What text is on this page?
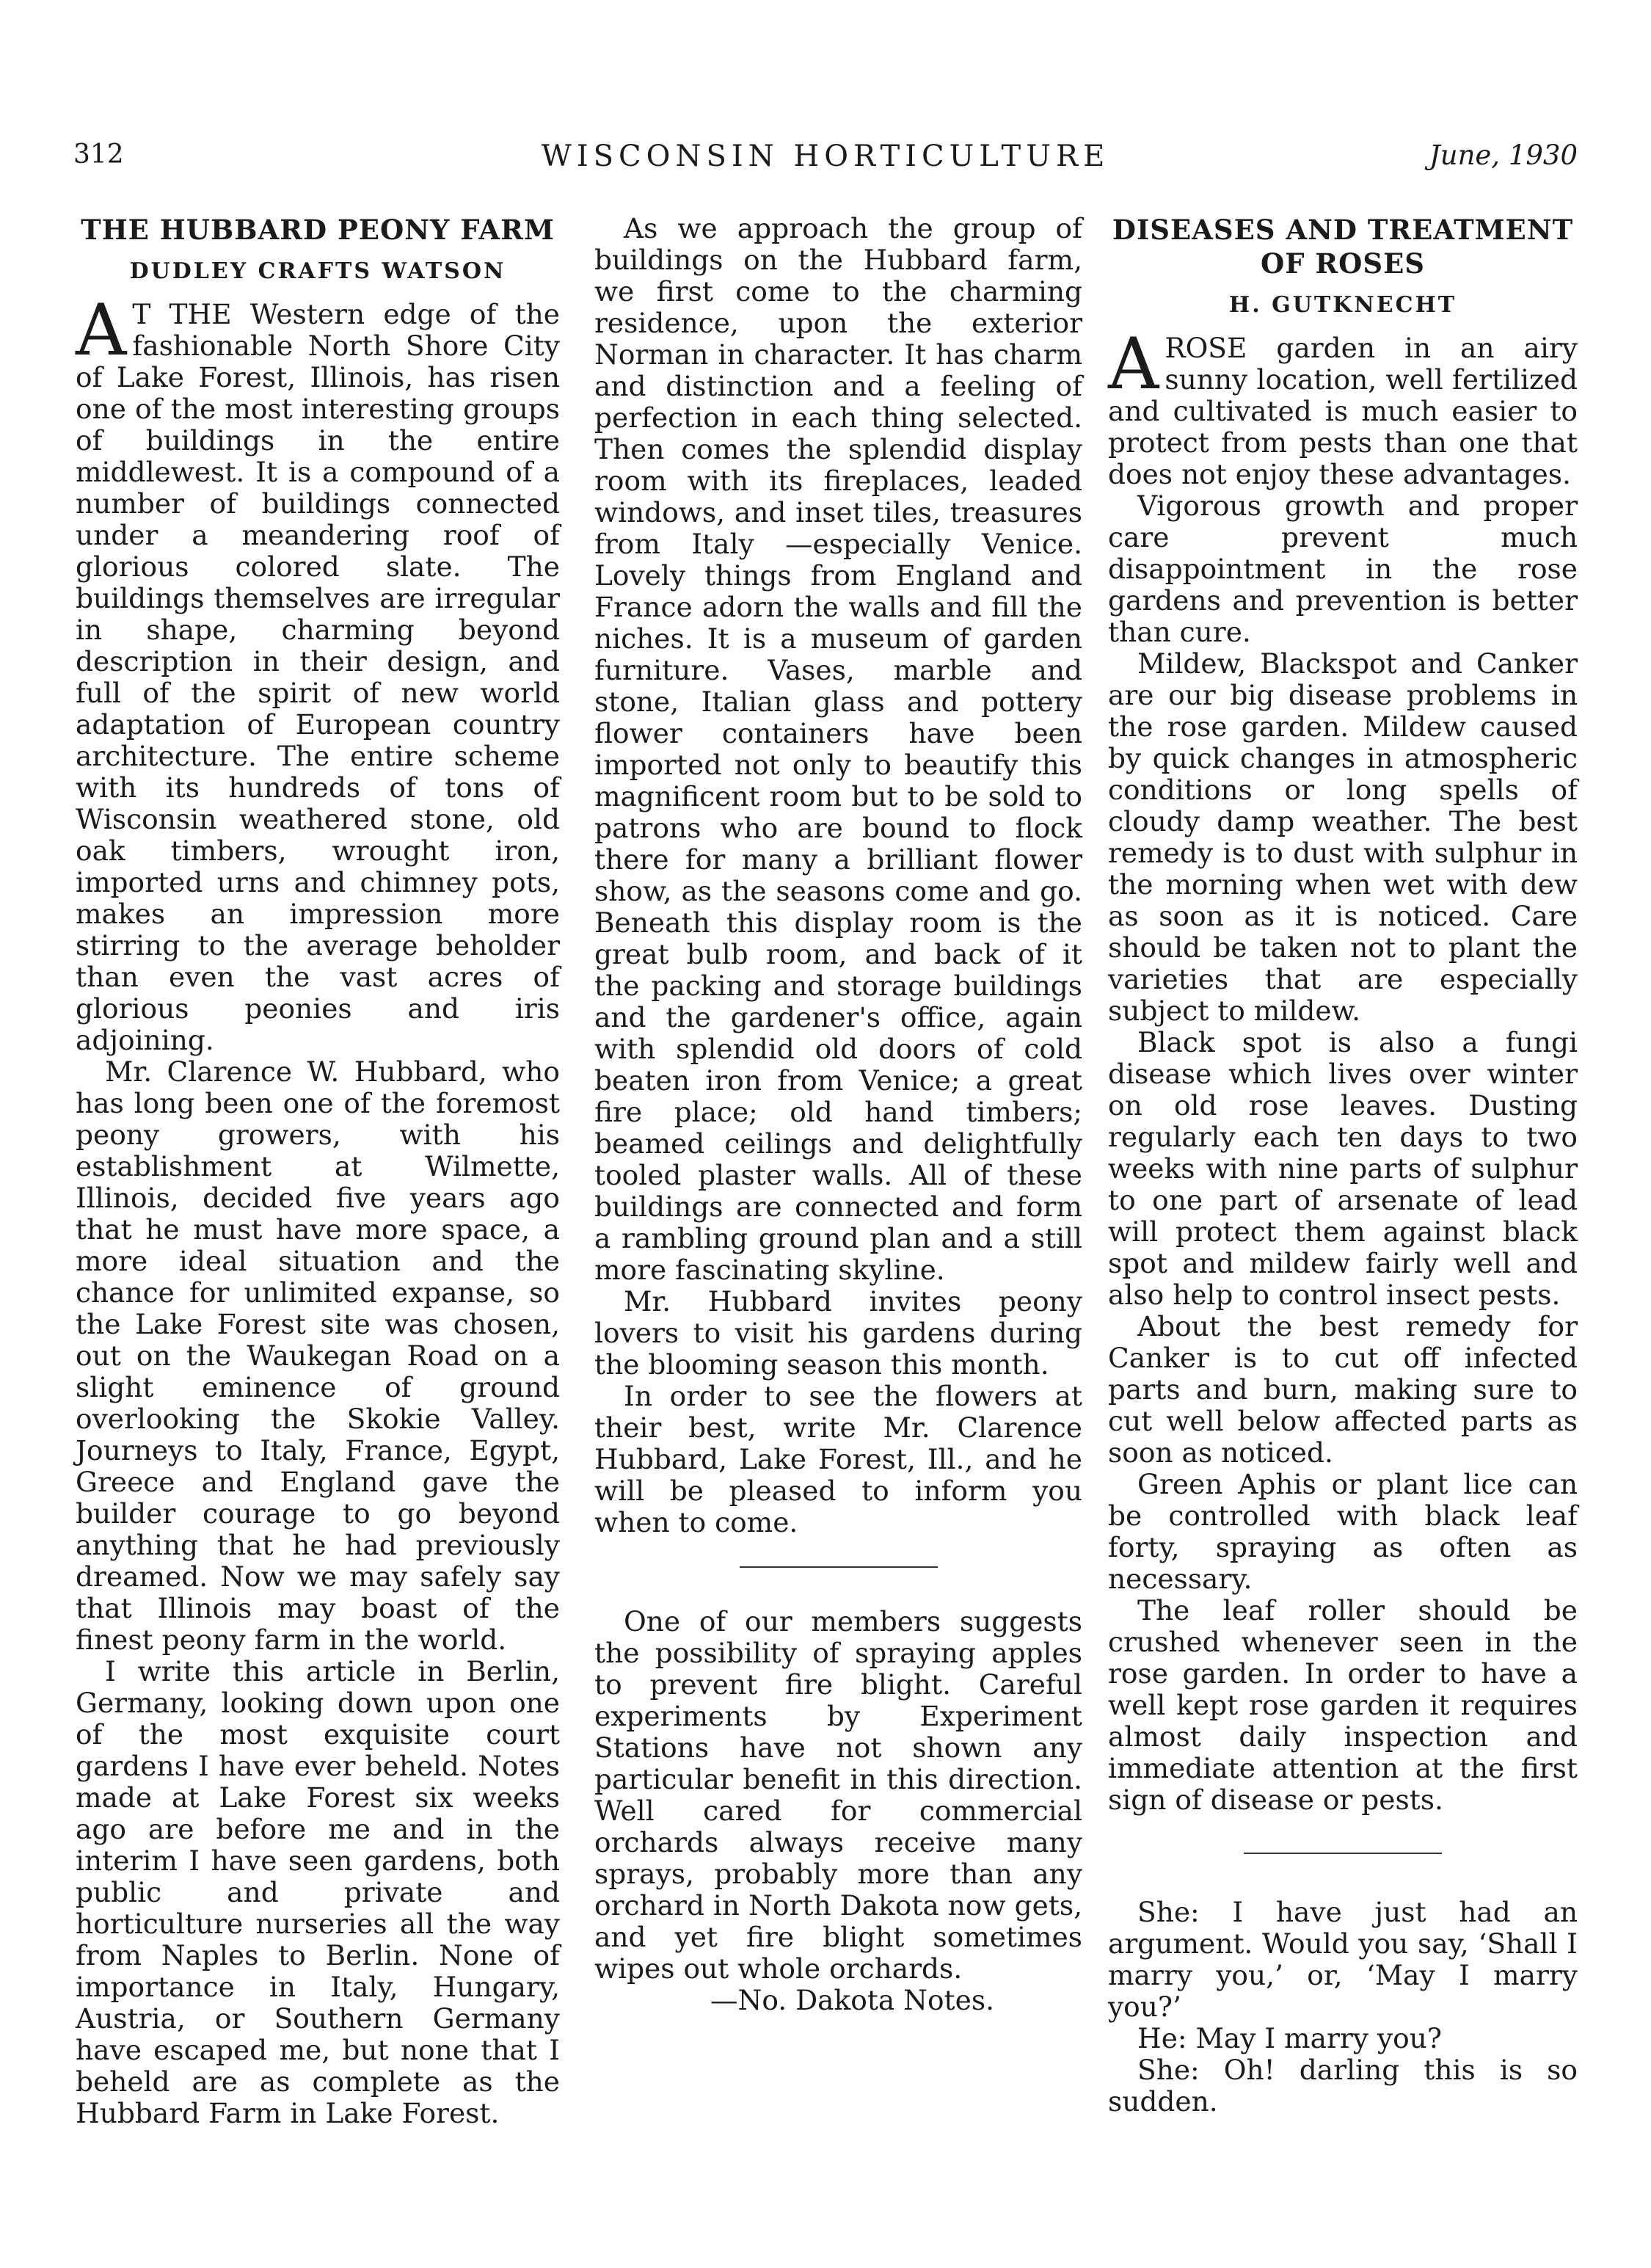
312	WISCONSIN HORTICULTURE	June, 1930
THE HUBBARD PEONY FARM
DUDLEY CRAFTS WATSON

A T THE Western edge of the fashionable North Shore City of Lake Forest, Illinois, has risen one of the most interesting groups of buildings in the entire middlewest. It is a compound of a number of buildings connected under a meandering roof of glorious colored slate. The buildings themselves are irregular in shape, charming beyond description in their design, and full of the spirit of new world adaptation of European country architecture. The entire scheme with its hundreds of tons of Wisconsin weathered stone, old oak timbers, wrought iron, imported urns and chimney pots, makes an impression more stirring to the average beholder than even the vast acres of glorious peonies and iris adjoining.

Mr. Clarence W. Hubbard, who has long been one of the foremost peony growers, with his establishment at Wilmette, Illinois, decided five years ago that he must have more space, a more ideal situation and the chance for unlimited expanse, so the Lake Forest site was chosen, out on the Waukegan Road on a slight eminence of ground overlooking the Skokie Valley. Journeys to Italy, France, Egypt, Greece and England gave the builder courage to go beyond anything that he had previously dreamed. Now we may safely say that Illinois may boast of the finest peony farm in the world.

I write this article in Berlin, Germany, looking down upon one of the most exquisite court gardens I have ever beheld. Notes made at Lake Forest six weeks ago are before me and in the interim I have seen gardens, both public and private and horticulture nurseries all the way from Naples to Berlin. None of importance in Italy, Hungary, Austria, or Southern Germany have escaped me, but none that I beheld are as complete as the Hubbard Farm in Lake Forest.

As we approach the group of buildings on the Hubbard farm, we first come to the charming residence, upon the exterior Norman in character. It has charm and distinction and a feeling of perfection in each thing selected. Then comes the splendid display room with its fireplaces, leaded windows, and inset tiles, treasures from Italy —especially Venice. Lovely things from England and France adorn the walls and fill the niches. It is a museum of garden furniture. Vases, marble and stone, Italian glass and pottery flower containers have been imported not only to beautify this magnificent room but to be sold to patrons who are bound to flock there for many a brilliant flower show, as the seasons come and go. Beneath this display room is the great bulb room, and back of it the packing and storage buildings and the gardener's office, again with splendid old doors of cold beaten iron from Venice; a great fire place; old hand timbers; beamed ceilings and delightfully tooled plaster walls. All of these buildings are connected and form a rambling ground plan and a still more fascinating skyline.

Mr. Hubbard invites peony lovers to visit his gardens during the blooming season this month.

In order to see the flowers at their best, write Mr. Clarence Hubbard, Lake Forest, Ill., and he will be pleased to inform you when to come.

One of our members suggests the possibility of spraying apples to prevent fire blight. Careful experiments by Experiment Stations have not shown any particular benefit in this direction. Well cared for commercial orchards always receive many sprays, probably more than any orchard in North Dakota now gets, and yet fire blight sometimes wipes out whole orchards.

—No. Dakota Notes.

DISEASES AND TREATMENT OF ROSES
H. GUTKNECHT

AROSE garden in an airy sunny location, well fertilized and cultivated is much easier to protect from pests than one that does not enjoy these advantages.

Vigorous growth and proper care prevent much disappointment in the rose gardens and prevention is better than cure.

Mildew, Blackspot and Canker are our big disease problems in the rose garden. Mildew caused by quick changes in atmospheric conditions or long spells of cloudy damp weather. The best remedy is to dust with sulphur in the morning when wet with dew as soon as it is noticed. Care should be taken not to plant the varieties that are especially subject to mildew.

Black spot is also a fungi disease which lives over winter on old rose leaves. Dusting regularly each ten days to two weeks with nine parts of sulphur to one part of arsenate of lead will protect them against black spot and mildew fairly well and also help to control insect pests.

About the best remedy for Canker is to cut off infected parts and burn, making sure to cut well below affected parts as soon as noticed.

Green Aphis or plant lice can be controlled with black leaf forty, spraying as often as necessary.

The leaf roller should be crushed whenever seen in the rose garden. In order to have a well kept rose garden it requires almost daily inspection and immediate attention at the first sign of disease or pests.

She: I have just had an argument. Would you say, ‘Shall I marry you,’ or, ‘May I marry you?’

He: May I marry you?

She: Oh! darling this is so sudden.
